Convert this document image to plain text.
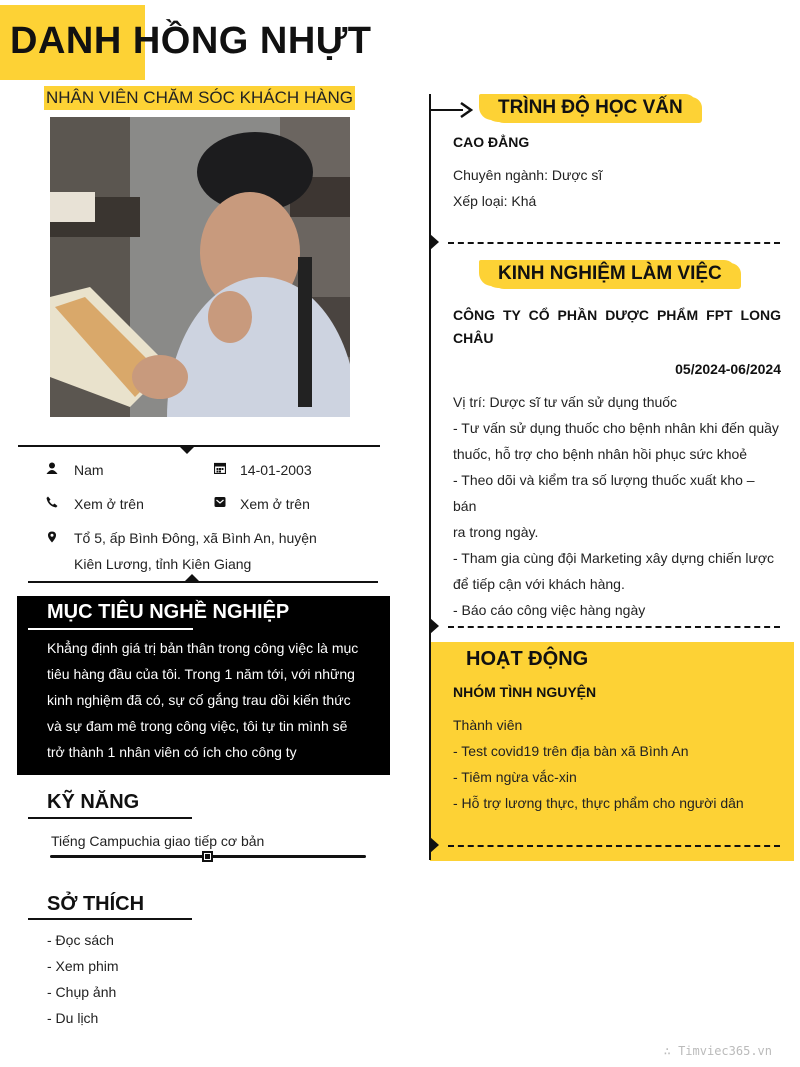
DANH HỒNG NHỰT
NHÂN VIÊN CHĂM SÓC KHÁCH HÀNG
Nam	14-01-2003
Xem ở trên	Xem ở trên
Tổ 5, ấp Bình Đông, xã Bình An, huyện
Kiên Lương, tỉnh Kiên Giang
MỤC TIÊU NGHỀ NGHIỆP
Khẳng định giá trị bản thân trong công việc là mục
tiêu hàng đầu của tôi. Trong 1 năm tới, với những
kinh nghiệm đã có, sự cố gắng trau dồi kiến thức
và sự đam mê trong công việc, tôi tự tin mình sẽ
trở thành 1 nhân viên có ích cho công ty
KỸ NĂNG
Tiếng Campuchia giao tiếp cơ bản
SỞ THÍCH
- Đọc sách
- Xem phim
- Chụp ảnh
- Du lịch
TRÌNH ĐỘ HỌC VẤN
CAO ĐẲNG
Chuyên ngành: Dược sĩ
Xếp loại: Khá
KINH NGHIỆM LÀM VIỆC
CÔNG TY CỔ PHẦN DƯỢC PHẨM FPT LONG
CHÂU
05/2024-06/2024
Vị trí: Dược sĩ tư vấn sử dụng thuốc
- Tư vấn sử dụng thuốc cho bệnh nhân khi đến quầy
thuốc, hỗ trợ cho bệnh nhân hồi phục sức khoẻ
- Theo dõi và kiểm tra số lượng thuốc xuất kho – bán
ra trong ngày.
- Tham gia cùng đội Marketing xây dựng chiến lược
để tiếp cận với khách hàng.
- Báo cáo công việc hàng ngày
HOẠT ĐỘNG
NHÓM TÌNH NGUYỆN
Thành viên
- Test covid19 trên địa bàn xã Bình An
- Tiêm ngừa vắc-xin
- Hỗ trợ lương thực, thực phẩm cho người dân
∴ Timviec365.vn
